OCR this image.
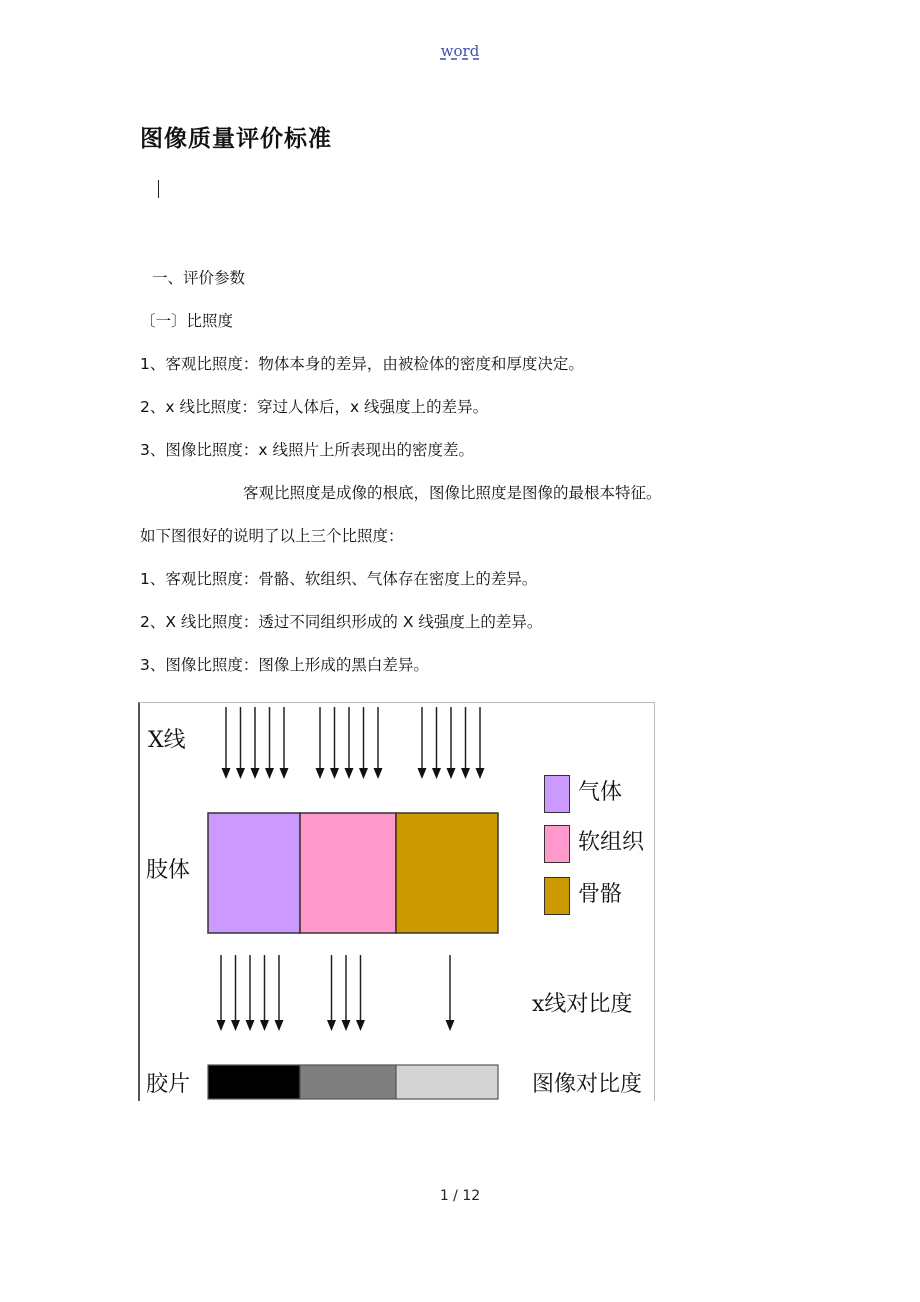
word
图像质量评价标准
一、评价参数
〔一〕比照度
1、客观比照度：物体本身的差异，由被检体的密度和厚度决定。
2、x 线比照度：穿过人体后，x 线强度上的差异。
3、图像比照度：x 线照片上所表现出的密度差。
客观比照度是成像的根底，图像比照度是图像的最根本特征。
如下图很好的说明了以上三个比照度：
1、客观比照度：骨骼、软组织、气体存在密度上的差异。
2、X 线比照度：透过不同组织形成的 X 线强度上的差异。
3、图像比照度：图像上形成的黑白差异。
X线
肢体
胶片
气体
软组织
骨骼
x线对比度
图像对比度
1 / 12
